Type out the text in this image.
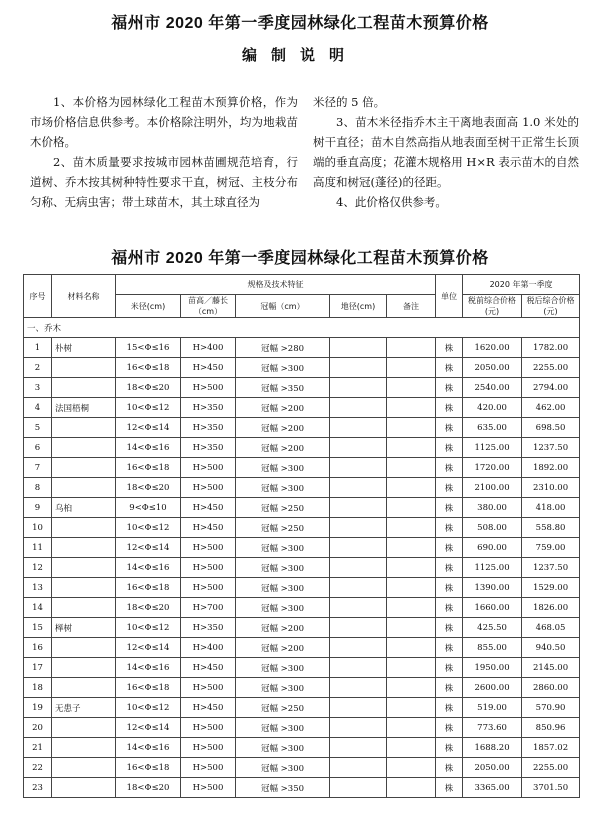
福州市 2020 年第一季度园林绿化工程苗木预算价格
编制说明

1、本价格为园林绿化工程苗木预算价格，作为市场价格信息供参考。本价格除注明外，均为地栽苗木价格。

2、苗木质量要求按城市园林苗圃规范培育，行道树、乔木按其树种特性要求干直，树冠、主枝分布匀称、无病虫害；带土球苗木，其土球直径为

米径的 5 倍。

3、苗木米径指乔木主干离地表面高 1.0 米处的树干直径；苗木自然高指从地表面至树干正常生长顶端的垂直高度；花灌木规格用 H×R 表示苗木的自然高度和树冠(蓬径)的径距。

4、此价格仅供参考。

福州市 2020 年第一季度园林绿化工程苗木预算价格
序号	材料名称	规格及技术特征					单位	2020 年第一季度	
		米径(cm)	苗高／藤长（cm）	冠幅（cm）	地径(cm)	备注		税前综合价格(元)	税后综合价格(元)
一、乔木									
1	朴树	15<Φ≤16	H>400	冠幅 >280			株	1620.00	1782.00
2		16<Φ≤18	H>450	冠幅 >300			株	2050.00	2255.00
3		18<Φ≤20	H>500	冠幅 >350			株	2540.00	2794.00
4	法国梧桐	10<Φ≤12	H>350	冠幅 >200			株	420.00	462.00
5		12<Φ≤14	H>350	冠幅 >200			株	635.00	698.50
6		14<Φ≤16	H>350	冠幅 >200			株	1125.00	1237.50
7		16<Φ≤18	H>500	冠幅 >300			株	1720.00	1892.00
8		18<Φ≤20	H>500	冠幅 >300			株	2100.00	2310.00
9	乌桕	9<Φ≤10	H>450	冠幅 >250			株	380.00	418.00
10		10<Φ≤12	H>450	冠幅 >250			株	508.00	558.80
11		12<Φ≤14	H>500	冠幅 >300			株	690.00	759.00
12		14<Φ≤16	H>500	冠幅 >300			株	1125.00	1237.50
13		16<Φ≤18	H>500	冠幅 >300			株	1390.00	1529.00
14		18<Φ≤20	H>700	冠幅 >300			株	1660.00	1826.00
15	榉树	10<Φ≤12	H>350	冠幅 >200			株	425.50	468.05
16		12<Φ≤14	H>400	冠幅 >200			株	855.00	940.50
17		14<Φ≤16	H>450	冠幅 >300			株	1950.00	2145.00
18		16<Φ≤18	H>500	冠幅 >300			株	2600.00	2860.00
19	无患子	10<Φ≤12	H>450	冠幅 >250			株	519.00	570.90
20		12<Φ≤14	H>500	冠幅 >300			株	773.60	850.96
21		14<Φ≤16	H>500	冠幅 >300			株	1688.20	1857.02
22		16<Φ≤18	H>500	冠幅 >300			株	2050.00	2255.00
23		18<Φ≤20	H>500	冠幅 >350			株	3365.00	3701.50
